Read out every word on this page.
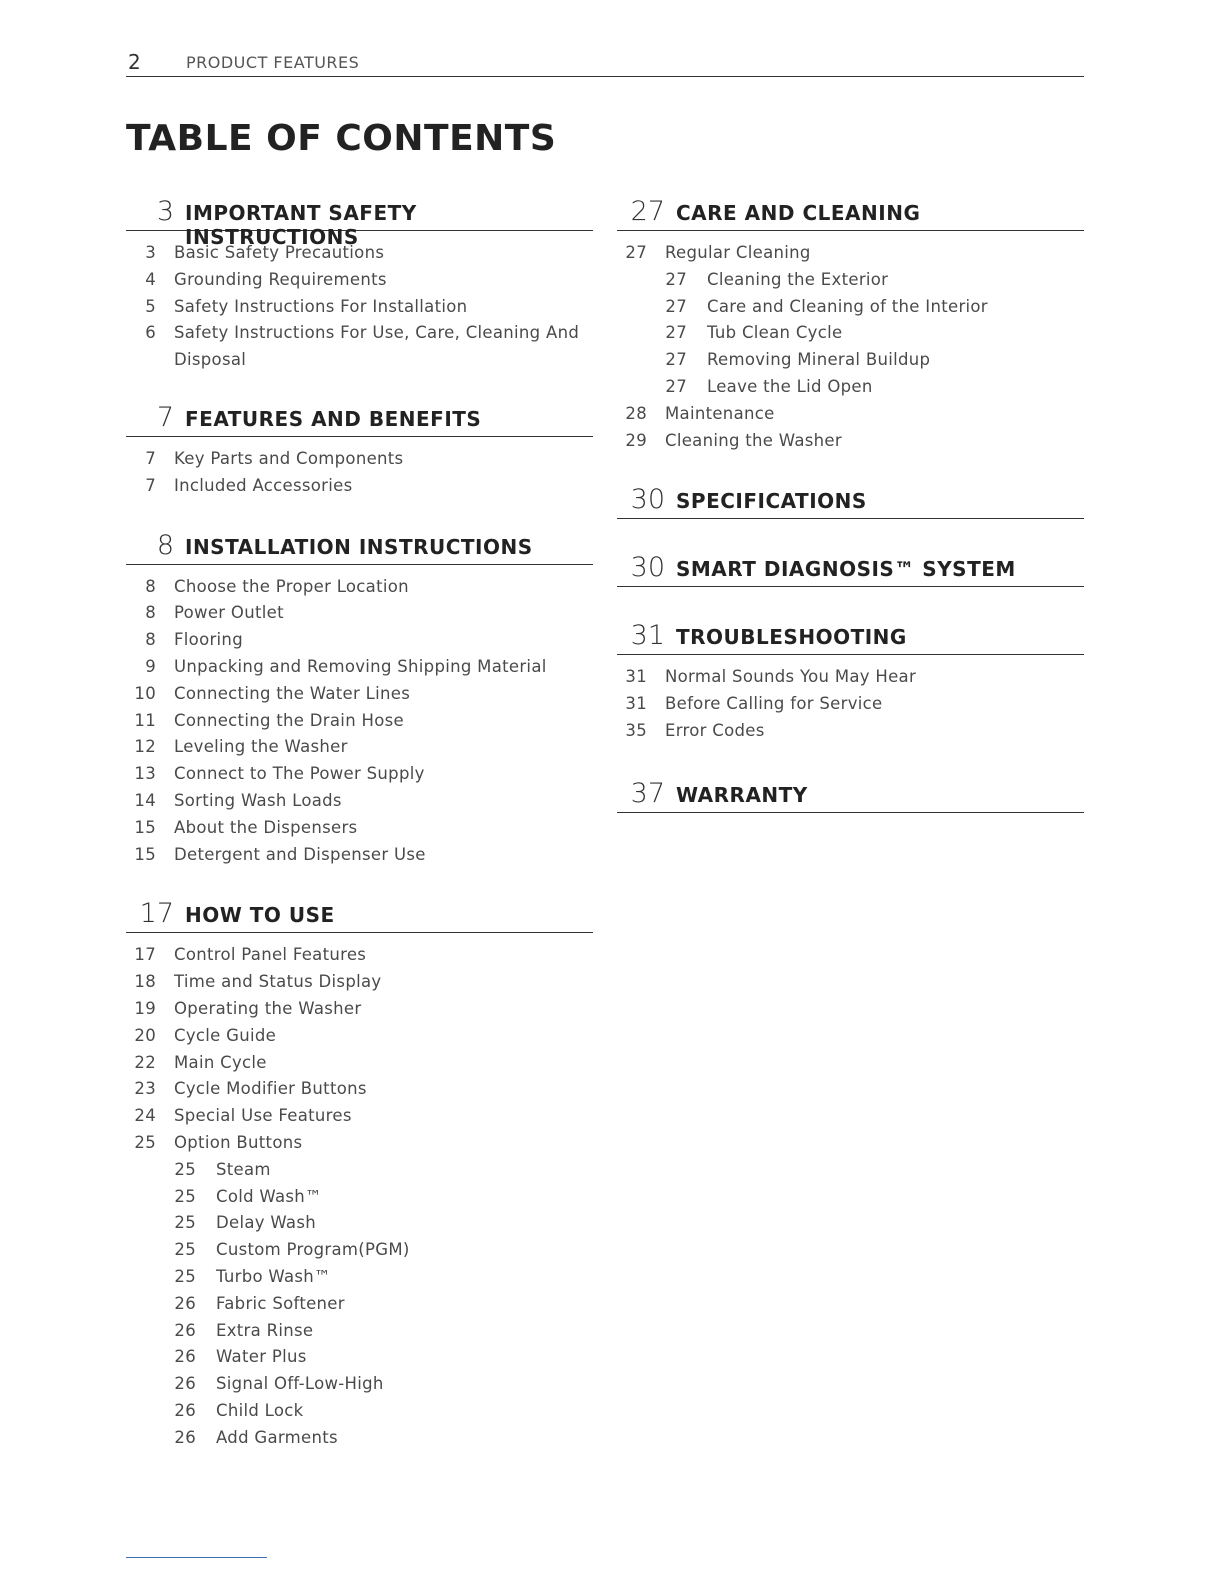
2	PRODUCT FEATURES
TABLE OF CONTENTS
3 IMPORTANT SAFETY INSTRUCTIONS
3 Basic Safety Precautions
4 Grounding Requirements
5 Safety Instructions For Installation
6 Safety Instructions For Use, Care, Cleaning And Disposal
7 FEATURES AND BENEFITS
7 Key Parts and Components
7 Included Accessories
8 INSTALLATION INSTRUCTIONS
8 Choose the Proper Location
8 Power Outlet
8 Flooring
9 Unpacking and Removing Shipping Material
10 Connecting the Water Lines
11 Connecting the Drain Hose
12 Leveling the Washer
13 Connect to The Power Supply
14 Sorting Wash Loads
15 About the Dispensers
15 Detergent and Dispenser Use
17 HOW TO USE
17 Control Panel Features
18 Time and Status Display
19 Operating the Washer
20 Cycle Guide
22 Main Cycle
23 Cycle Modifier Buttons
24 Special Use Features
25 Option Buttons
25 Steam
25 Cold Wash™
25 Delay Wash
25 Custom Program(PGM)
25 Turbo Wash™
26 Fabric Softener
26 Extra Rinse
26 Water Plus
26 Signal Off-Low-High
26 Child Lock
26 Add Garments
27 CARE AND CLEANING
27 Regular Cleaning
27 Cleaning the Exterior
27 Care and Cleaning of the Interior
27 Tub Clean Cycle
27 Removing Mineral Buildup
27 Leave the Lid Open
28 Maintenance
29 Cleaning the Washer
30 SPECIFICATIONS
30 SMART DIAGNOSIS™ SYSTEM
31 TROUBLESHOOTING
31 Normal Sounds You May Hear
31 Before Calling for Service
35 Error Codes
37 WARRANTY
